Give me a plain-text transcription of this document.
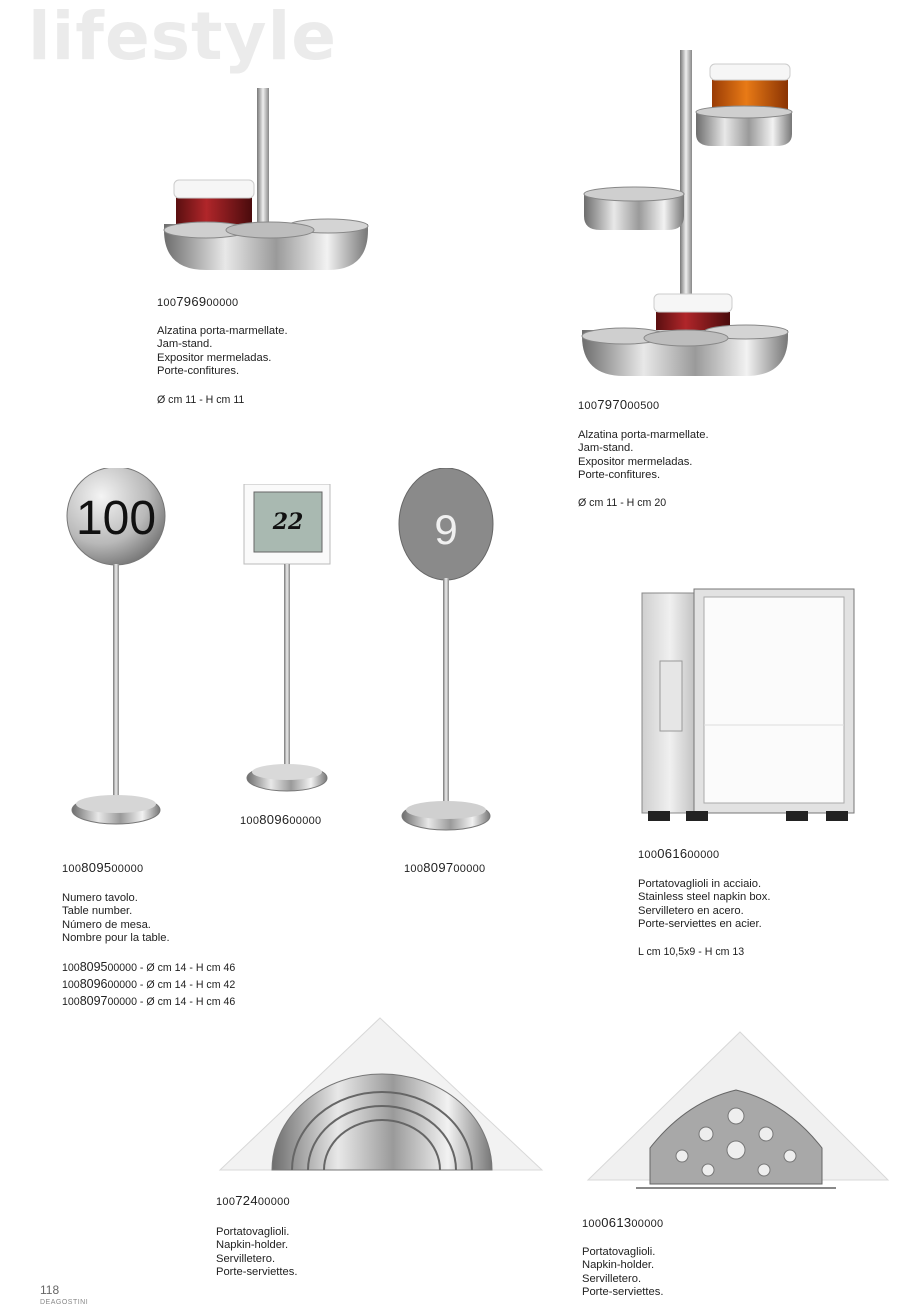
lifestyle
100796900000
Alzatina porta-marmellate.
Jam-stand.
Expositor mermeladas.
Porte-confitures.
Ø cm 11 - H cm 11	100797000500
Alzatina porta-marmellate.
Jam-stand.
Expositor mermeladas.
Porte-confitures.
Ø cm 11 - H cm 20
100	22	9
100809600000
100809700000
100809500000
Numero tavolo.
Table number.
Número de mesa.
Nombre pour la table.
100809500000 - Ø cm 14 - H cm 46
100809600000 - Ø cm 14 - H cm 42
100809700000 - Ø cm 14 - H cm 46
100061600000
Portatovaglioli in acciaio.
Stainless steel napkin box.
Servilletero en acero.
Porte-serviettes en acier.
L cm 10,5x9 - H cm 13
10072400000
Portatovaglioli.
Napkin-holder.
Servilletero.
Porte-serviettes.
100061300000
Portatovaglioli.
Napkin-holder.
Servilletero.
Porte-serviettes.
118
DEAGOSTINI
